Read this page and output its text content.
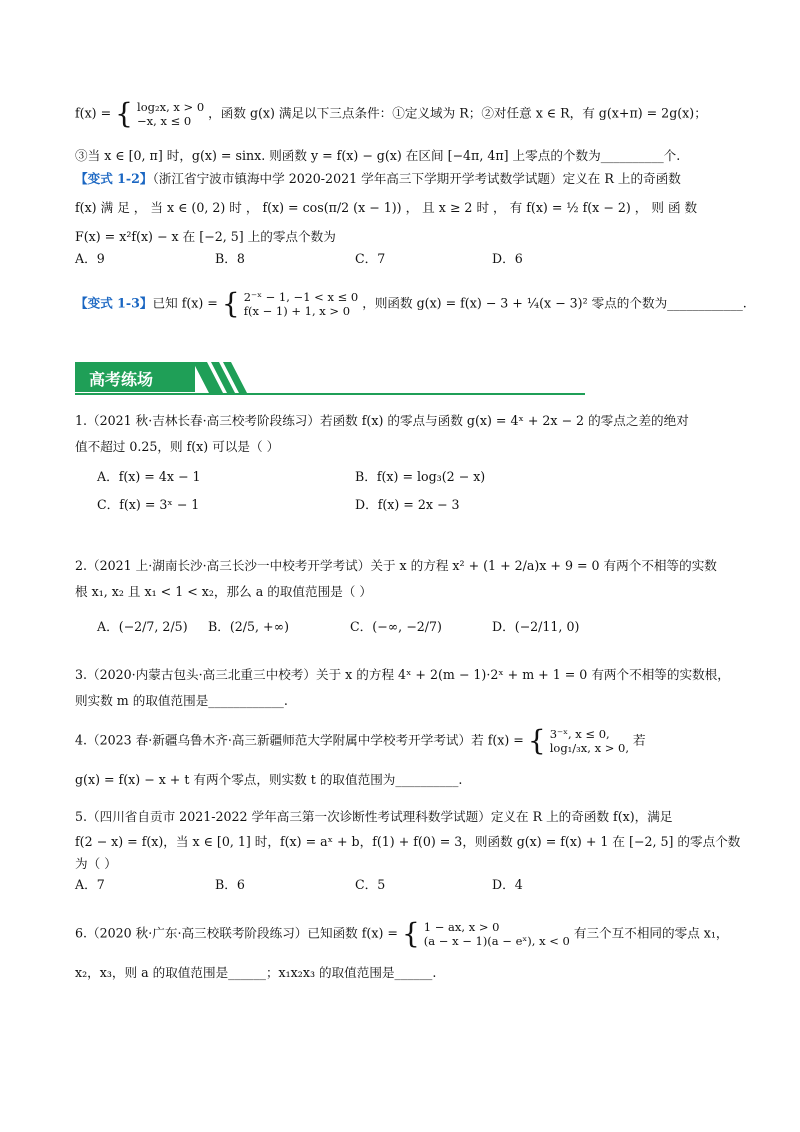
f(x) = { log₂x, x > 0
−x, x ≤ 0 ，函数 g(x) 满足以下三点条件：①定义域为 R；②对任意 x ∈ R，有 g(x+π) = 2g(x)；
③当 x ∈ [0, π] 时，g(x) = sinx. 则函数 y = f(x) − g(x) 在区间 [−4π, 4π] 上零点的个数为__________个.
【变式 1-2】（浙江省宁波市镇海中学 2020-2021 学年高三下学期开学考试数学试题）定义在 R 上的奇函数
f(x) 满 足 ， 当 x ∈ (0, 2) 时 ， f(x) = cos(π/2 (x − 1)) ， 且 x ≥ 2 时 ， 有 f(x) = ½ f(x − 2) ， 则 函 数
F(x) = x²f(x) − x 在 [−2, 5] 上的零点个数为
A．9	B．8	C．7	D．6
【变式 1-3】已知 f(x) = { 2⁻ˣ − 1, −1 < x ≤ 0
f(x − 1) + 1, x > 0 ，则函数 g(x) = f(x) − 3 + ¼(x − 3)² 零点的个数为____________.
高考练场
1.（2021 秋·吉林长春·高三校考阶段练习）若函数 f(x) 的零点与函数 g(x) = 4ˣ + 2x − 2 的零点之差的绝对
值不超过 0.25，则 f(x) 可以是（ ）
A．f(x) = 4x − 1	B．f(x) = log₃(2 − x)
C．f(x) = 3ˣ − 1	D．f(x) = 2x − 3
2.（2021 上·湖南长沙·高三长沙一中校考开学考试）关于 x 的方程 x² + (1 + 2/a)x + 9 = 0 有两个不相等的实数
根 x₁, x₂ 且 x₁ < 1 < x₂，那么 a 的取值范围是（ ）
A．(−2/7, 2/5) B．(2/5, +∞)	C．(−∞, −2/7)	D．(−2/11, 0)
3.（2020·内蒙古包头·高三北重三中校考）关于 x 的方程 4ˣ + 2(m − 1)·2ˣ + m + 1 = 0 有两个不相等的实数根，
则实数 m 的取值范围是____________.
4.（2023 春·新疆乌鲁木齐·高三新疆师范大学附属中学校考开学考试）若 f(x) = { 3⁻ˣ, x ≤ 0,
log₁/₃x, x > 0, 若
g(x) = f(x) − x + t 有两个零点，则实数 t 的取值范围为__________.
5.（四川省自贡市 2021-2022 学年高三第一次诊断性考试理科数学试题）定义在 R 上的奇函数 f(x)，满足
f(2 − x) = f(x)，当 x ∈ [0, 1] 时，f(x) = aˣ + b，f(1) + f(0) = 3，则函数 g(x) = f(x) + 1 在 [−2, 5] 的零点个数
为（ ）
A．7	B．6	C．5	D．4
6.（2020 秋·广东·高三校联考阶段练习）已知函数 f(x) = { 1 − ax, x > 0
(a − x − 1)(a − eˣ), x < 0 有三个互不相同的零点 x₁，
x₂，x₃，则 a 的取值范围是______；x₁x₂x₃ 的取值范围是______.
